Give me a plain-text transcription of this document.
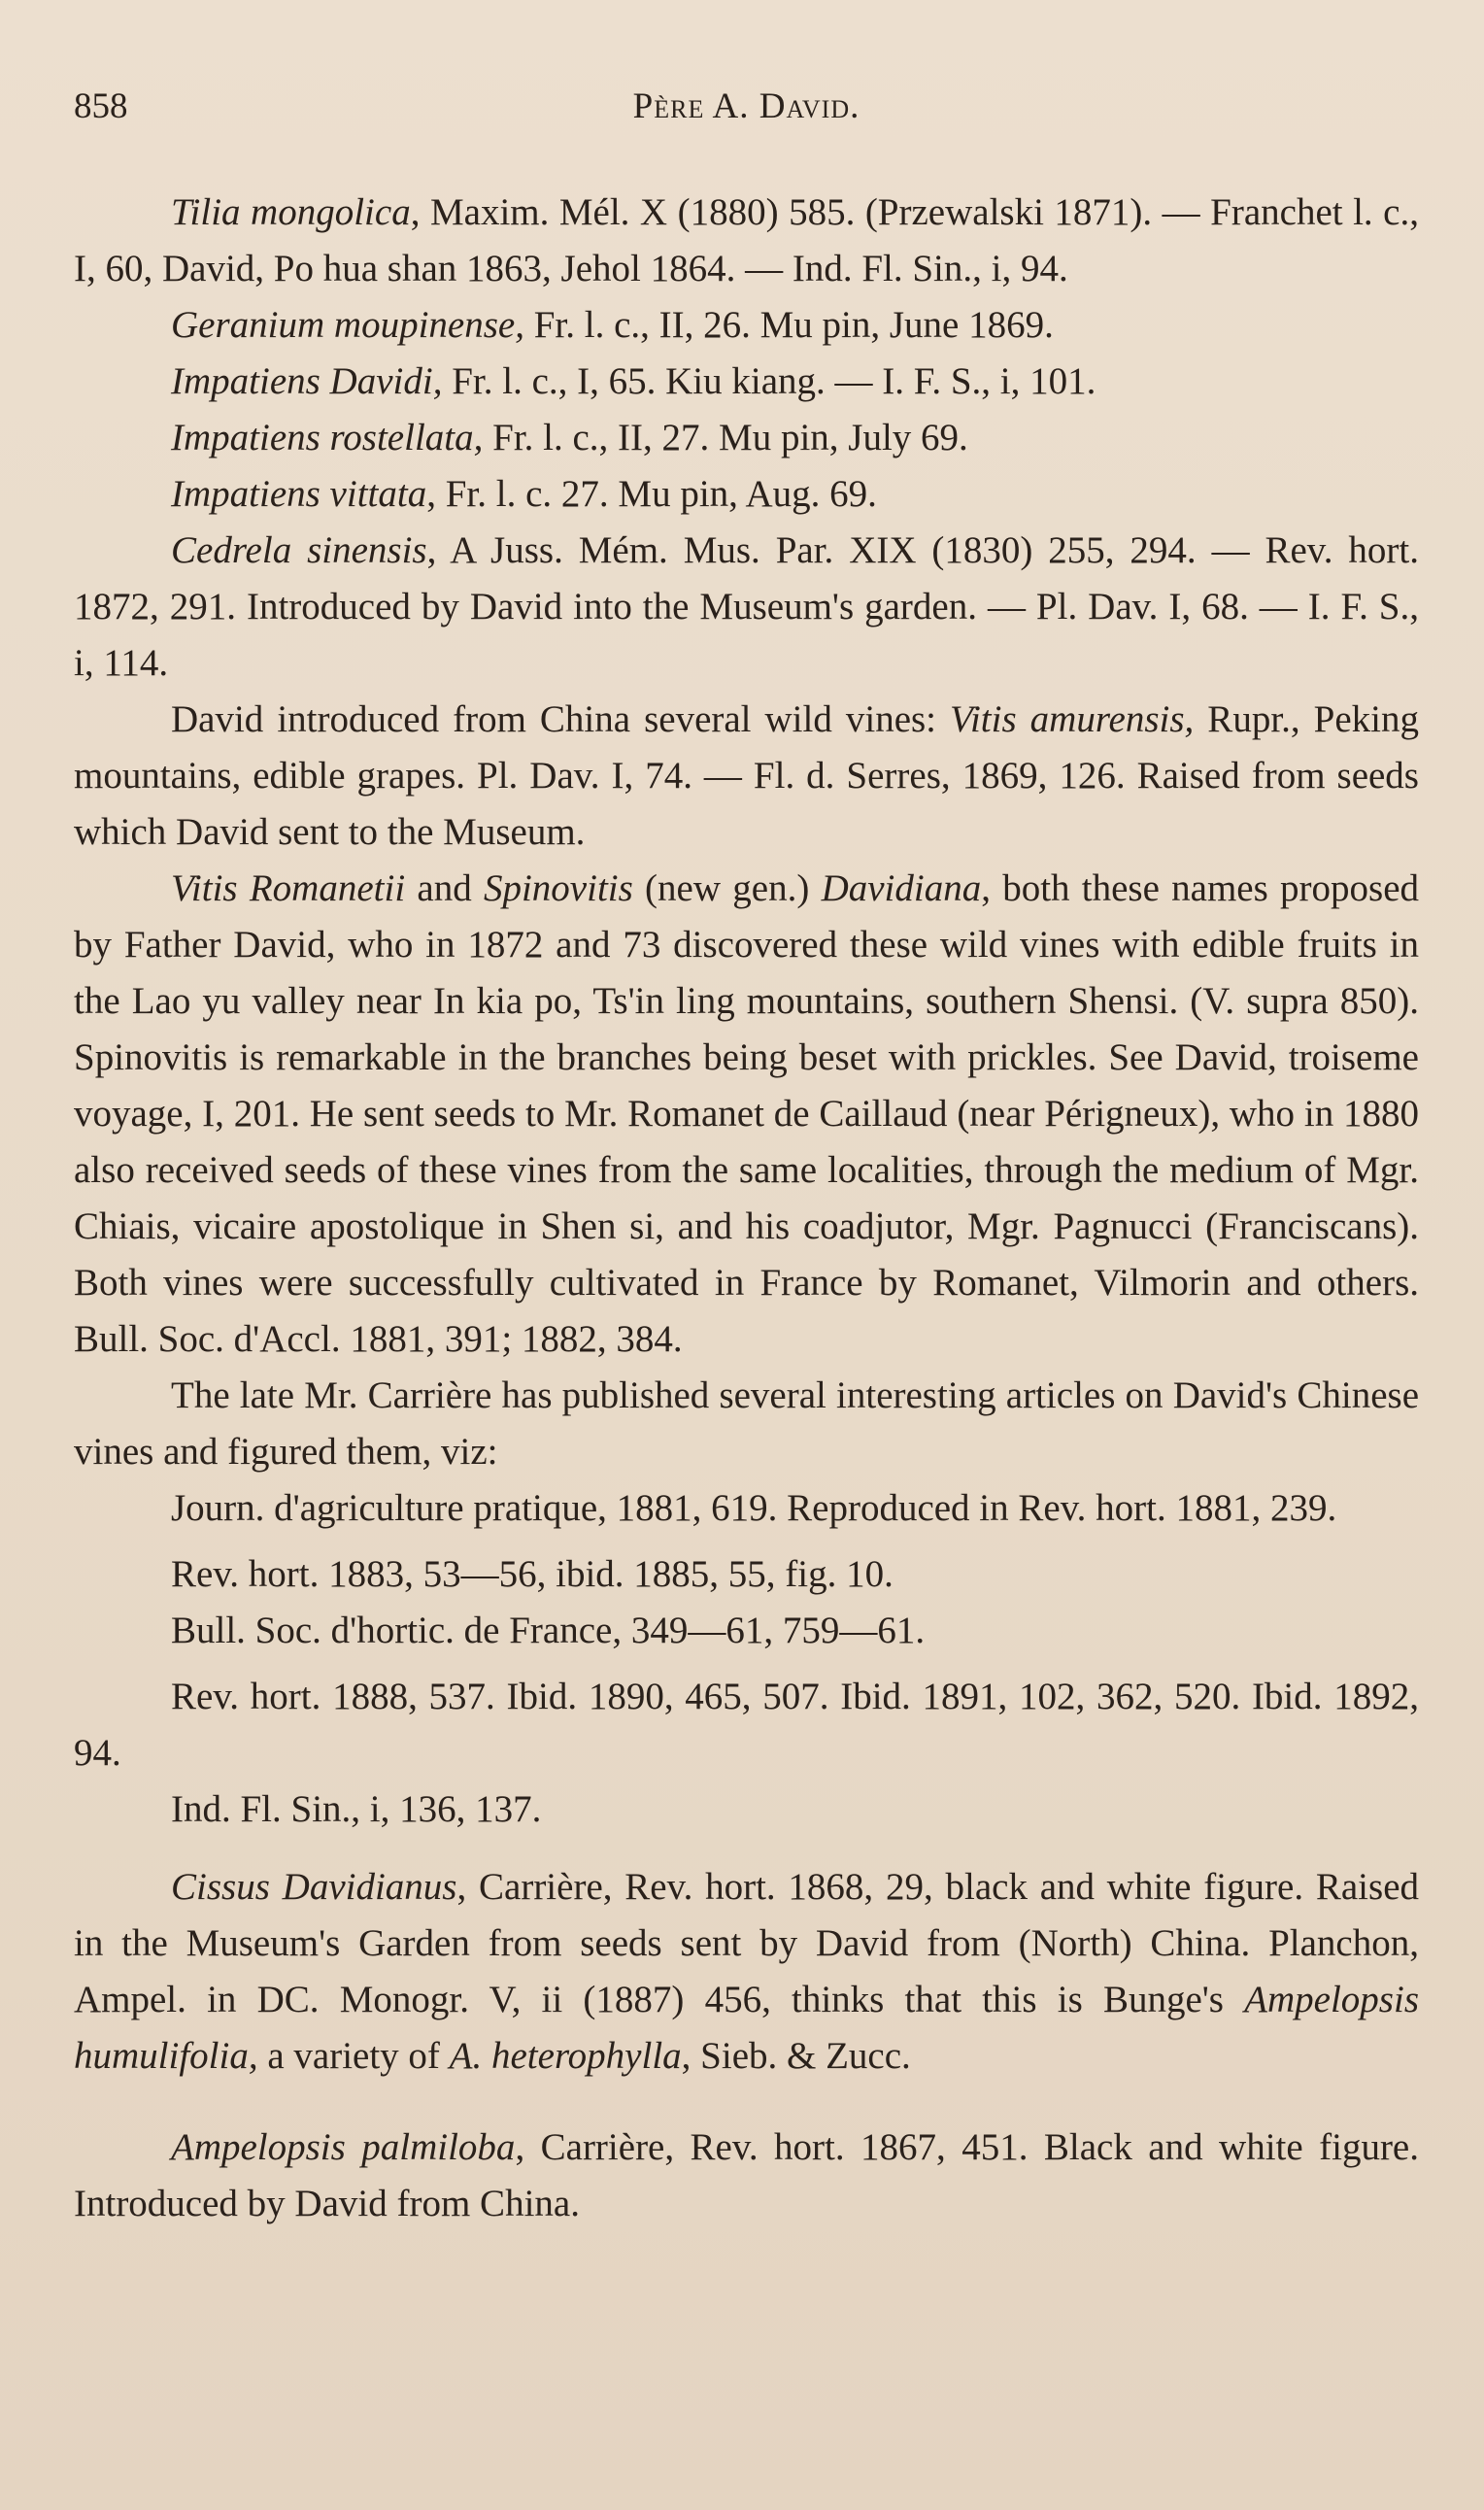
858	Père A. David.

Tilia mongolica, Maxim. Mél. X (1880) 585. (Przewalski 1871). — Franchet l. c., I, 60, David, Po hua shan 1863, Jehol 1864. — Ind. Fl. Sin., i, 94.

Geranium moupinense, Fr. l. c., II, 26. Mu pin, June 1869.

Impatiens Davidi, Fr. l. c., I, 65. Kiu kiang. — I. F. S., i, 101.

Impatiens rostellata, Fr. l. c., II, 27. Mu pin, July 69.

Impatiens vittata, Fr. l. c. 27. Mu pin, Aug. 69.

Cedrela sinensis, A Juss. Mém. Mus. Par. XIX (1830) 255, 294. — Rev. hort. 1872, 291. Introduced by David into the Museum's garden. — Pl. Dav. I, 68. — I. F. S., i, 114.

David introduced from China several wild vines: Vitis amurensis, Rupr., Peking mountains, edible grapes. Pl. Dav. I, 74. — Fl. d. Serres, 1869, 126. Raised from seeds which David sent to the Museum.

Vitis Romanetii and Spinovitis (new gen.) Davidiana, both these names proposed by Father David, who in 1872 and 73 discovered these wild vines with edible fruits in the Lao yu valley near In kia po, Ts'in ling mountains, southern Shensi. (V. supra 850). Spinovitis is remarkable in the branches being beset with prickles. See David, troiseme voyage, I, 201. He sent seeds to Mr. Romanet de Caillaud (near Périgneux), who in 1880 also received seeds of these vines from the same localities, through the medium of Mgr. Chiais, vicaire apostolique in Shen si, and his coadjutor, Mgr. Pagnucci (Franciscans). Both vines were successfully cultivated in France by Romanet, Vilmorin and others. Bull. Soc. d'Accl. 1881, 391; 1882, 384.

The late Mr. Carrière has published several interesting articles on David's Chinese vines and figured them, viz:

Journ. d'agriculture pratique, 1881, 619. Reproduced in Rev. hort. 1881, 239.

Rev. hort. 1883, 53—56, ibid. 1885, 55, fig. 10.

Bull. Soc. d'hortic. de France, 349—61, 759—61.

Rev. hort. 1888, 537. Ibid. 1890, 465, 507. Ibid. 1891, 102, 362, 520. Ibid. 1892, 94.

Ind. Fl. Sin., i, 136, 137.

Cissus Davidianus, Carrière, Rev. hort. 1868, 29, black and white figure. Raised in the Museum's Garden from seeds sent by David from (North) China. Planchon, Ampel. in DC. Monogr. V, ii (1887) 456, thinks that this is Bunge's Ampelopsis humulifolia, a variety of A. heterophylla, Sieb. & Zucc.

Ampelopsis palmiloba, Carrière, Rev. hort. 1867, 451. Black and white figure. Introduced by David from China.
